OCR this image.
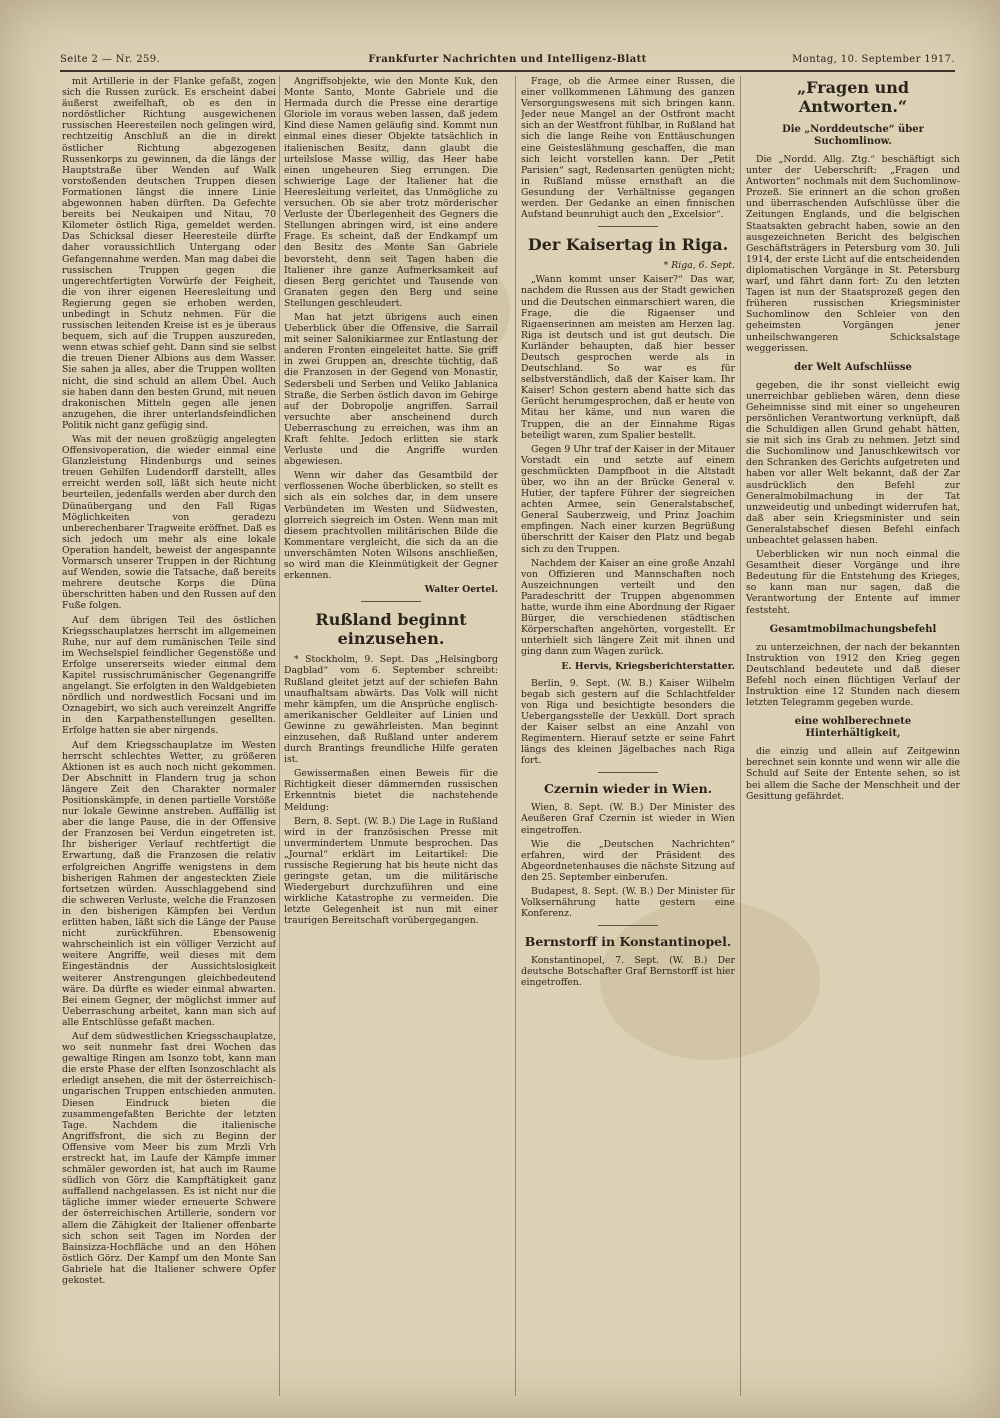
Seite 2 — Nr. 259.	Frankfurter Nachrichten und Intelligenz-Blatt	Montag, 10. September 1917.

mit Artillerie in der Flanke gefaßt, zogen sich die Russen zurück. Es erscheint dabei äußerst zweifelhaft, ob es den in nordöstlicher Richtung ausgewichenen russischen Heeresteilen noch gelingen wird, rechtzeitig Anschluß an die in direkt östlicher Richtung abgezogenen Russenkorps zu gewinnen, da die längs der Hauptstraße über Wenden auf Walk vorstoßenden deutschen Truppen diesen Formationen längst die innere Linie abgewonnen haben dürften. Da Gefechte bereits bei Neukaipen und Nitau, 70 Kilometer östlich Riga, gemeldet werden. Das Schicksal dieser Heeresteile dürfte daher voraussichtlich Untergang oder Gefangennahme werden. Man mag dabei die russischen Truppen gegen die ungerechtfertigten Vorwürfe der Feigheit, die von ihrer eigenen Heeresleitung und Regierung gegen sie erhoben werden, unbedingt in Schutz nehmen. Für die russischen leitenden Kreise ist es je überaus bequem, sich auf die Truppen auszureden, wenn etwas schief geht. Dann sind sie selbst die treuen Diener Albions aus dem Wasser. Sie sahen ja alles, aber die Truppen wollten nicht, die sind schuld an allem Übel. Auch sie haben dann den besten Grund, mit neuen drakonischen Mitteln gegen alle jenen anzugehen, die ihrer unterlandsfeindlichen Politik nicht ganz gefügig sind.

Was mit der neuen großzügig angelegten Offensivoperation, die wieder einmal eine Glanzleistung Hindenburgs und seines treuen Gehilfen Ludendorff darstellt, alles erreicht werden soll, läßt sich heute nicht beurteilen, jedenfalls werden aber durch den Dünaübergang und den Fall Rigas Möglichkeiten von geradezu unberechenbarer Tragweite eröffnet. Daß es sich jedoch um mehr als eine lokale Operation handelt, beweist der angespannte Vormarsch unserer Truppen in der Richtung auf Wenden, sowie die Tatsache, daß bereits mehrere deutsche Korps die Düna überschritten haben und den Russen auf den Fuße folgen.

Auf dem übrigen Teil des östlichen Kriegsschauplatzes herrscht im allgemeinen Ruhe, nur auf dem rumänischen Teile sind im Wechselspiel feindlicher Gegenstöße und Erfolge unsererseits wieder einmal dem Kapitel russischrumänischer Gegenangriffe angelangt. Sie erfolgten in den Waldgebieten nördlich und nordwestlich Focsani und im Oznagebirt, wo sich auch vereinzelt Angriffe in den Karpathenstellungen gesellten. Erfolge hatten sie aber nirgends.

Auf dem Kriegsschauplatze im Westen herrscht schlechtes Wetter, zu größeren Aktionen ist es auch noch nicht gekommen. Der Abschnitt in Flandern trug ja schon längere Zeit den Charakter normaler Positionskämpfe, in denen partielle Vorstöße nur lokale Gewinne anstreben. Auffällig ist aber die lange Pause, die in der Offensive der Franzosen bei Verdun eingetreten ist. Ihr bisheriger Verlauf rechtfertigt die Erwartung, daß die Franzosen die relativ erfolgreichen Angriffe wenigstens in dem bisherigen Rahmen der angesteckten Ziele fortsetzen würden. Ausschlaggebend sind die schweren Verluste, welche die Franzosen in den bisherigen Kämpfen bei Verdun erlitten haben, läßt sich die Länge der Pause nicht zurückführen. Ebensowenig wahrscheinlich ist ein völliger Verzicht auf weitere Angriffe, weil dieses mit dem Eingeständnis der Aussichtslosigkeit weiterer Anstrengungen gleichbedeutend wäre. Da dürfte es wieder einmal abwarten. Bei einem Gegner, der möglichst immer auf Ueberraschung arbeitet, kann man sich auf alle Entschlüsse gefaßt machen.

Auf dem südwestlichen Kriegsschauplatze, wo seit nunmehr fast drei Wochen das gewaltige Ringen am Isonzo tobt, kann man die erste Phase der elften Isonzoschlacht als erledigt ansehen, die mit der österreichisch-ungarischen Truppen entschieden anmuten. Diesen Eindruck bieten die zusammengefaßten Berichte der letzten Tage. Nachdem die italienische Angriffsfront, die sich zu Beginn der Offensive vom Meer bis zum Mrzli Vrh erstreckt hat, im Laufe der Kämpfe immer schmäler geworden ist, hat auch im Raume südlich von Görz die Kampftätigkeit ganz auffallend nachgelassen. Es ist nicht nur die tägliche immer wieder erneuerte Schwere der österreichischen Artillerie, sondern vor allem die Zähigkeit der Italiener offenbarte sich schon seit Tagen im Norden der Bainsizza-Hochfläche und an den Höhen östlich Görz. Der Kampf um den Monte San Gabriele hat die Italiener schwere Opfer gekostet.

Angriffsobjekte, wie den Monte Kuk, den Monte Santo, Monte Gabriele und die Hermada durch die Presse eine derartige Gloriole im voraus weben lassen, daß jedem Kind diese Namen geläufig sind. Kommt nun einmal eines dieser Objekte tatsächlich in italienischen Besitz, dann glaubt die urteilslose Masse willig, das Heer habe einen ungeheuren Sieg errungen. Die schwierige Lage der Italiener hat die Heeresleitung verleitet, das Unmögliche zu versuchen. Ob sie aber trotz mörderischer Verluste der Überlegenheit des Gegners die Stellungen abringen wird, ist eine andere Frage. Es scheint, daß der Endkampf um den Besitz des Monte San Gabriele bevorsteht, denn seit Tagen haben die Italiener ihre ganze Aufmerksamkeit auf diesen Berg gerichtet und Tausende von Granaten gegen den Berg und seine Stellungen geschleudert.

Man hat jetzt übrigens auch einen Ueberblick über die Offensive, die Sarrail mit seiner Salonikiarmee zur Entlastung der anderen Fronten eingeleitet hatte. Sie griff in zwei Gruppen an, dreschte tüchtig, daß die Franzosen in der Gegend von Monastir, Sedersbeli und Serben und Veliko Jablanica Straße, die Serben östlich davon im Gebirge auf der Dobropolje angriffen. Sarrail versuchte aber anscheinend durch Ueberraschung zu erreichen, was ihm an Kraft fehlte. Jedoch erlitten sie stark Verluste und die Angriffe wurden abgewiesen.

Wenn wir daher das Gesamtbild der verflossenen Woche überblicken, so stellt es sich als ein solches dar, in dem unsere Verbündeten im Westen und Südwesten, glorreich siegreich im Osten. Wenn man mit diesem prachtvollen militärischen Bilde die Kommentare vergleicht, die sich da an die unverschämten Noten Wilsons anschließen, so wird man die Kleinmütigkeit der Gegner erkennen.

Walter Oertel.
Rußland beginnt einzusehen.

* Stockholm, 9. Sept. Das „Helsingborg Dagblad“ vom 6. September schreibt: Rußland gleitet jetzt auf der schiefen Bahn unaufhaltsam abwärts. Das Volk will nicht mehr kämpfen, um die Ansprüche englisch-amerikanischer Geldleiter auf Linien und Gewinne zu gewährleisten. Man beginnt einzusehen, daß Rußland unter anderem durch Brantings freundliche Hilfe geraten ist.

Gewissermaßen einen Beweis für die Richtigkeit dieser dämmernden russischen Erkenntnis bietet die nachstehende Meldung:

Bern, 8. Sept. (W. B.) Die Lage in Rußland wird in der französischen Presse mit unvermindertem Unmute besprochen. Das „Journal“ erklärt im Leitartikel: Die russische Regierung hat bis heute nicht das geringste getan, um die militärische Wiedergeburt durchzuführen und eine wirkliche Katastrophe zu vermeiden. Die letzte Gelegenheit ist nun mit einer traurigen Bereitschaft vorübergegangen.

Frage, ob die Armee einer Russen, die einer vollkommenen Lähmung des ganzen Versorgungswesens mit sich bringen kann. Jeder neue Mangel an der Ostfront macht sich an der Westfront fühlbar, in Rußland hat sich die lange Reihe von Enttäuschungen eine Geisteslähmung geschaffen, die man sich leicht vorstellen kann. Der „Petit Parisien“ sagt, Redensarten genügten nicht; in Rußland müsse ernsthaft an die Gesundung der Verhältnisse gegangen werden. Der Gedanke an einen finnischen Aufstand beunruhigt auch den „Excelsior“.

Der Kaisertag in Riga.

* Riga, 6. Sept.

„Wann kommt unser Kaiser?“ Das war, nachdem die Russen aus der Stadt gewichen und die Deutschen einmarschiert waren, die Frage, die die Rigaenser und Rigaenserinnen am meisten am Herzen lag. Riga ist deutsch und ist gut deutsch. Die Kurländer behaupten, daß hier besser Deutsch gesprochen werde als in Deutschland. So war es für selbstverständlich, daß der Kaiser kam. Ihr Kaiser! Schon gestern abend hatte sich das Gerücht herumgesprochen, daß er heute von Mitau her käme, und nun waren die Truppen, die an der Einnahme Rigas beteiligt waren, zum Spalier bestellt.

Gegen 9 Uhr traf der Kaiser in der Mitauer Vorstadt ein und setzte auf einem geschmückten Dampfboot in die Altstadt über, wo ihn an der Brücke General v. Hutier, der tapfere Führer der siegreichen achten Armee, sein Generalstabschef, General Sauberzweig, und Prinz Joachim empfingen. Nach einer kurzen Begrüßung überschritt der Kaiser den Platz und begab sich zu den Truppen.

Nachdem der Kaiser an eine große Anzahl von Offizieren und Mannschaften noch Auszeichnungen verteilt und den Paradeschritt der Truppen abgenommen hatte, wurde ihm eine Abordnung der Rigaer Bürger, die verschiedenen städtischen Körperschaften angehörten, vorgestellt. Er unterhielt sich längere Zeit mit ihnen und ging dann zum Wagen zurück.

E. Hervis, Kriegsberichterstatter.

Berlin, 9. Sept. (W. B.) Kaiser Wilhelm begab sich gestern auf die Schlachtfelder von Riga und besichtigte besonders die Uebergangsstelle der Uexküll. Dort sprach der Kaiser selbst an eine Anzahl von Regimentern. Hierauf setzte er seine Fahrt längs des kleinen Jägelbaches nach Riga fort.

Czernin wieder in Wien.

Wien, 8. Sept. (W. B.) Der Minister des Aeußeren Graf Czernin ist wieder in Wien eingetroffen.

Wie die „Deutschen Nachrichten“ erfahren, wird der Präsident des Abgeordnetenhauses die nächste Sitzung auf den 25. September einberufen.

Budapest, 8. Sept. (W. B.) Der Minister für Volksernährung hatte gestern eine Konferenz.

Bernstorff in Konstantinopel.

Konstantinopel, 7. Sept. (W. B.) Der deutsche Botschafter Graf Bernstorff ist hier eingetroffen.

„Fragen und Antworten.“
Die „Norddeutsche“ über Suchomlinow.

Die „Nordd. Allg. Ztg.“ beschäftigt sich unter der Ueberschrift: „Fragen und Antworten“ nochmals mit dem Suchomlinow-Prozeß. Sie erinnert an die schon großen und überraschenden Aufschlüsse über die Zeitungen Englands, und die belgischen Staatsakten gebracht haben, sowie an den ausgezeichneten Bericht des belgischen Geschäftsträgers in Petersburg vom 30. Juli 1914, der erste Licht auf die entscheidenden diplomatischen Vorgänge in St. Petersburg warf, und fährt dann fort: Zu den letzten Tagen ist nun der Staatsprozeß gegen den früheren russischen Kriegsminister Suchomlinow den Schleier von den geheimsten Vorgängen jener unheilschwangeren Schicksalstage weggerissen.

der Welt Aufschlüsse

gegeben, die ihr sonst vielleicht ewig unerreichbar geblieben wären, denn diese Geheimnisse sind mit einer so ungeheuren persönlichen Verantwortung verknüpft, daß die Schuldigen allen Grund gehabt hätten, sie mit sich ins Grab zu nehmen. Jetzt sind die Suchomlinow und Januschkewitsch vor den Schranken des Gerichts aufgetreten und haben vor aller Welt bekannt, daß der Zar ausdrücklich den Befehl zur Generalmobilmachung in der Tat unzweideutig und unbedingt widerrufen hat, daß aber sein Kriegsminister und sein Generalstabschef diesen Befehl einfach unbeachtet gelassen haben.

Ueberblicken wir nun noch einmal die Gesamtheit dieser Vorgänge und ihre Bedeutung für die Entstehung des Krieges, so kann man nur sagen, daß die Verantwortung der Entente auf immer feststeht.

Gesamtmobilmachungsbefehl

zu unterzeichnen, der nach der bekannten Instruktion von 1912 den Krieg gegen Deutschland bedeutete und daß dieser Befehl noch einen flüchtigen Verlauf der Instruktion eine 12 Stunden nach diesem letzten Telegramm gegeben wurde.

eine wohlberechnete Hinterhältigkeit,

die einzig und allein auf Zeitgewinn berechnet sein konnte und wenn wir alle die Schuld auf Seite der Entente sehen, so ist bei allem die Sache der Menschheit und der Gesittung gefährdet.
